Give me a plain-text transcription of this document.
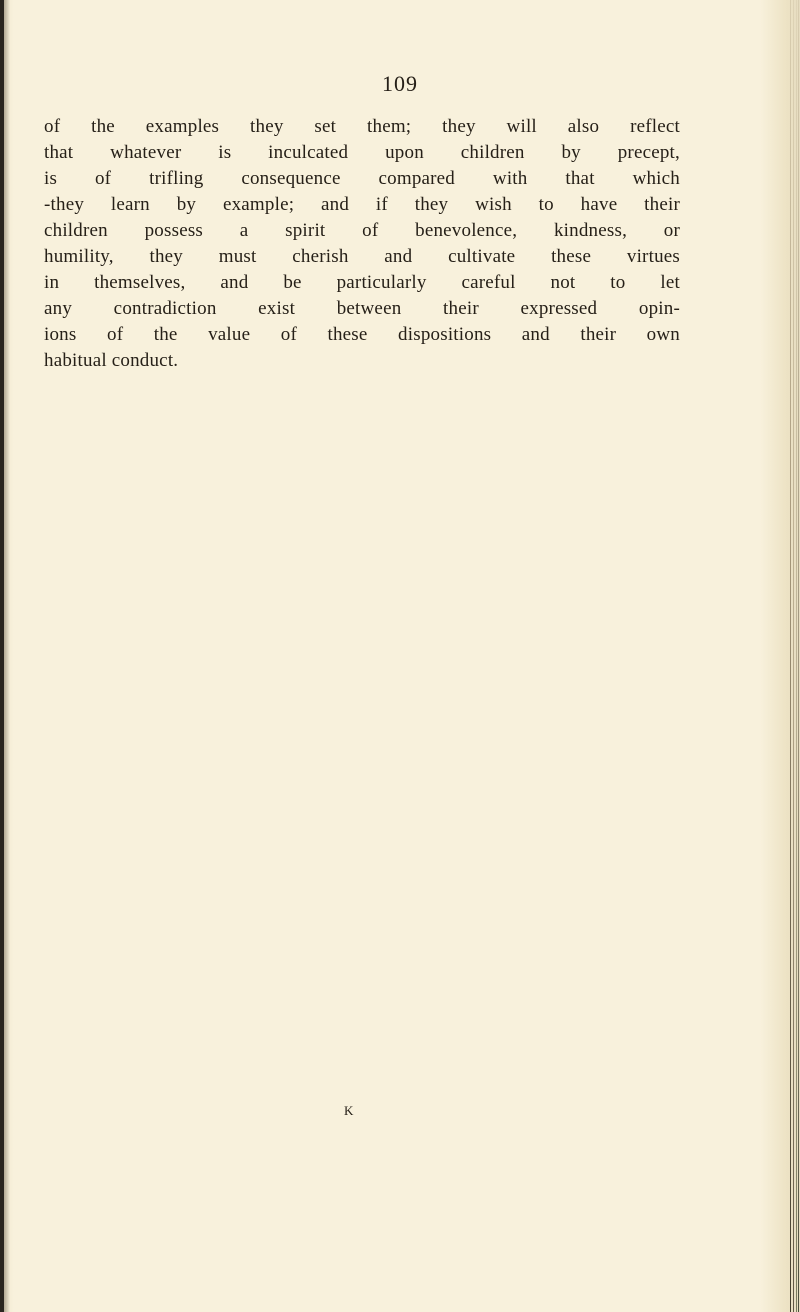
109
of the examples they set them; they will also reflect
that whatever is inculcated upon children by precept,
is of trifling consequence compared with that which
-they learn by example; and if they wish to have their
children possess a spirit of benevolence, kindness, or
humility, they must cherish and cultivate these virtues
in themselves, and be particularly careful not to let
any contradiction exist between their expressed opin-
ions of the value of these dispositions and their own
habitual conduct.
K
